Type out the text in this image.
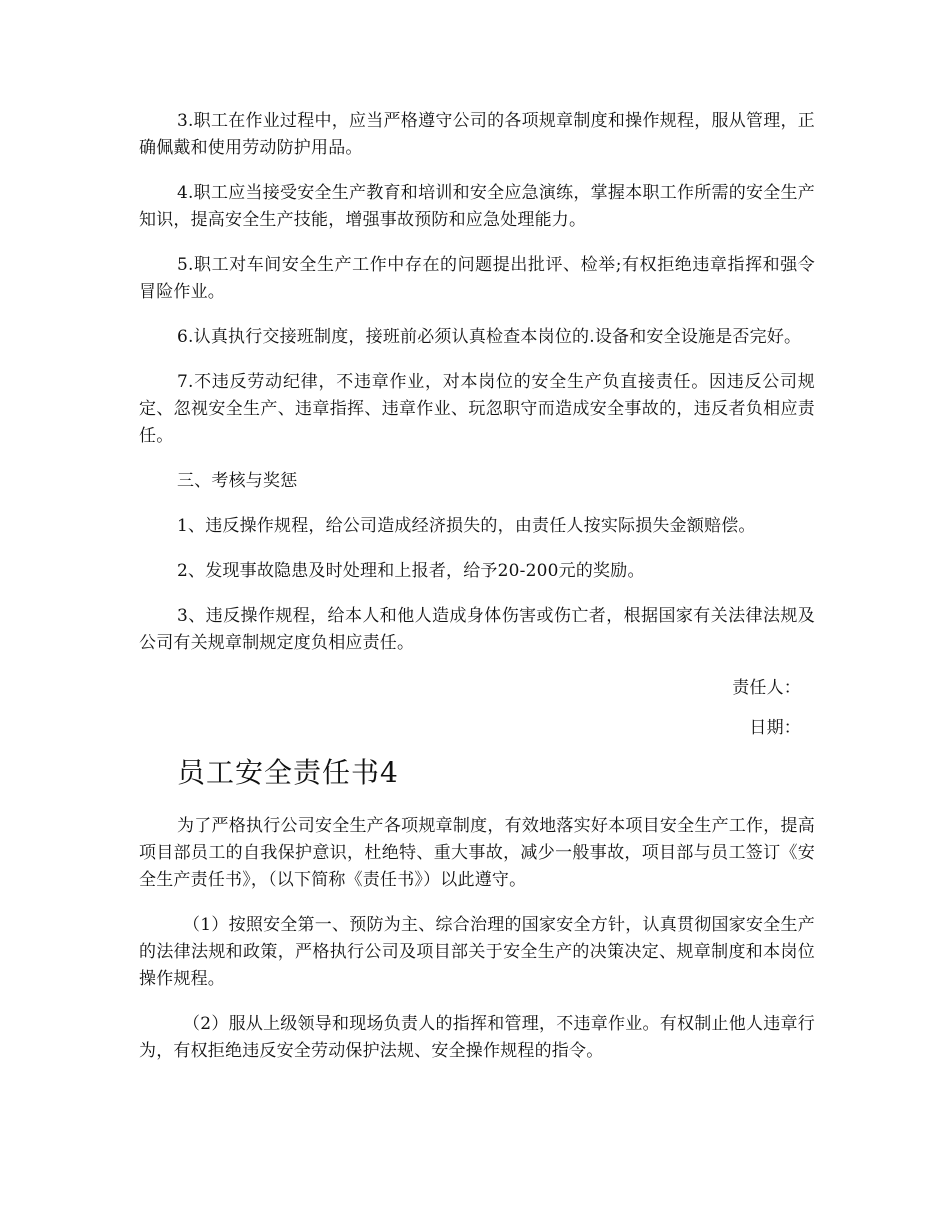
3.职工在作业过程中，应当严格遵守公司的各项规章制度和操作规程，服从管理，正确佩戴和使用劳动防护用品。

4.职工应当接受安全生产教育和培训和安全应急演练，掌握本职工作所需的安全生产知识，提高安全生产技能，增强事故预防和应急处理能力。

5.职工对车间安全生产工作中存在的问题提出批评、检举;有权拒绝违章指挥和强令冒险作业。

6.认真执行交接班制度，接班前必须认真检查本岗位的.设备和安全设施是否完好。

7.不违反劳动纪律，不违章作业，对本岗位的安全生产负直接责任。因违反公司规定、忽视安全生产、违章指挥、违章作业、玩忽职守而造成安全事故的，违反者负相应责任。

三、考核与奖惩

1、违反操作规程，给公司造成经济损失的，由责任人按实际损失金额赔偿。

2、发现事故隐患及时处理和上报者，给予20-200元的奖励。

3、违反操作规程，给本人和他人造成身体伤害或伤亡者，根据国家有关法律法规及公司有关规章制规定度负相应责任。

责任人：

日期：

员工安全责任书4

为了严格执行公司安全生产各项规章制度，有效地落实好本项目安全生产工作，提高项目部员工的自我保护意识，杜绝特、重大事故，减少一般事故，项目部与员工签订《安全生产责任书》，（以下简称《责任书》）以此遵守。

（1）按照安全第一、预防为主、综合治理的国家安全方针，认真贯彻国家安全生产的法律法规和政策，严格执行公司及项目部关于安全生产的决策决定、规章制度和本岗位操作规程。

（2）服从上级领导和现场负责人的指挥和管理，不违章作业。有权制止他人违章行为，有权拒绝违反安全劳动保护法规、安全操作规程的指令。
